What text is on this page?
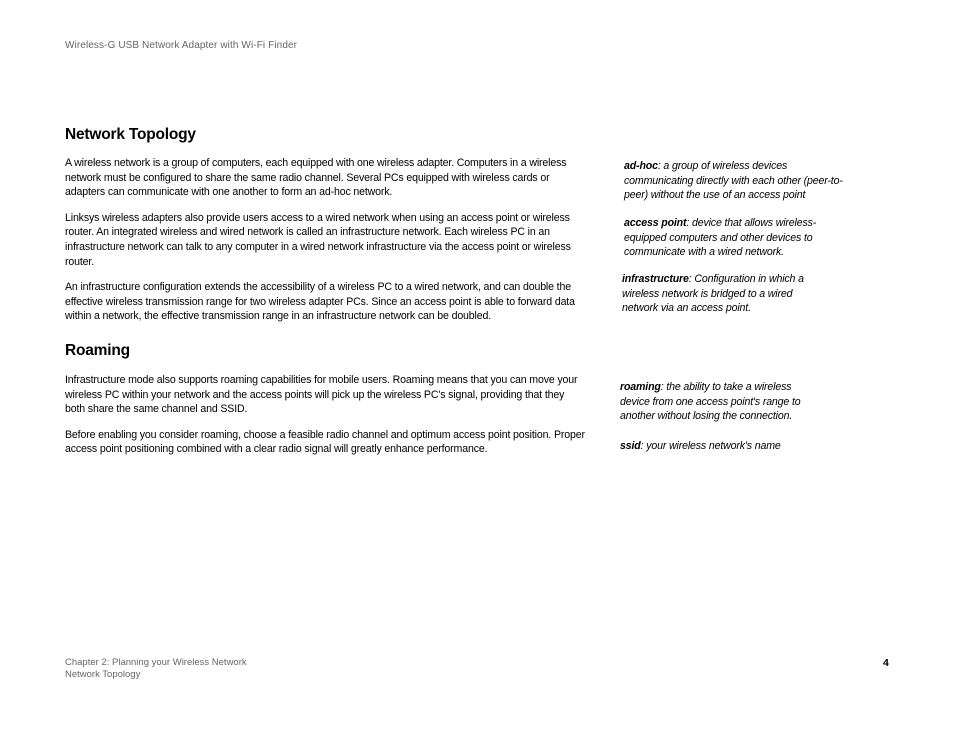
Wireless-G USB Network Adapter with Wi-Fi Finder
Network Topology

A wireless network is a group of computers, each equipped with one wireless adapter. Computers in a wireless network must be configured to share the same radio channel. Several PCs equipped with wireless cards or adapters can communicate with one another to form an ad-hoc network.

Linksys wireless adapters also provide users access to a wired network when using an access point or wireless router. An integrated wireless and wired network is called an infrastructure network. Each wireless PC in an infrastructure network can talk to any computer in a wired network infrastructure via the access point or wireless router.

An infrastructure configuration extends the accessibility of a wireless PC to a wired network, and can double the effective wireless transmission range for two wireless adapter PCs. Since an access point is able to forward data within a network, the effective transmission range in an infrastructure network can be doubled.

Roaming

Infrastructure mode also supports roaming capabilities for mobile users. Roaming means that you can move your wireless PC within your network and the access points will pick up the wireless PC's signal, providing that they both share the same channel and SSID.

Before enabling you consider roaming, choose a feasible radio channel and optimum access point position. Proper access point positioning combined with a clear radio signal will greatly enhance performance.

ad-hoc: a group of wireless devices communicating directly with each other (peer-to-peer) without the use of an access point
access point: device that allows wireless-equipped computers and other devices to communicate with a wired network.
infrastructure: Configuration in which a wireless network is bridged to a wired network via an access point.
roaming: the ability to take a wireless device from one access point's range to another without losing the connection.
ssid: your wireless network's name
Chapter 2: Planning your Wireless Network
Network Topology
4
